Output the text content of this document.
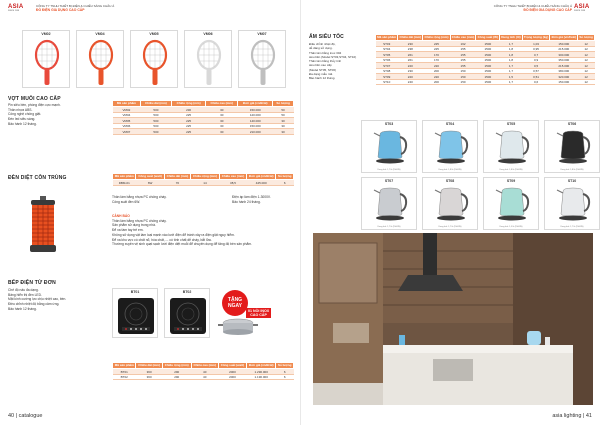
ASIA
SINCE 1998
CÔNG TY TNHH THIẾT BỊ ĐIỆN & CHIẾU SÁNG CHÂU Á
ĐỒ ĐIỆN GIA DỤNG CAO CẤP
VM02	VM04	VM05	VM06	VM07
VỢT MUỖI CAO CẤP
Pin siêu bền, phóng điện cực mạnh.
Thân nhựa ABS.
Công nghệ chống giật.
Đèn led siêu sáng.
Bảo hành 12 tháng.
Mã sản phẩm	Chiều dài (mm)	Chiều rộng (mm)	Chiều cao (mm)	Đơn giá (vnđ/cái)	Số lượng
VM02	500	230	30	150.000	50
VM04	500	225	30	120.000	50
VM05	500	225	30	140.000	30
VM06	500	225	30	150.000	30
VM07	500	225	30	210.000	30
ĐÈN DIỆT CÔN TRÙNG	Mã sản phẩm	Công suất (watt)	Chiều dài (mm)	Chiều rộng (mm)	Chiều cao (mm)	Đơn giá (vnđ/cái)	Số lượng
DBM-01	6W	70	14	38,5	425.000	6
Thân làm bằng nhựa PC chống cháy.
Công suất đèn 6W.
Điện áp làm điện 1-3000V.
Bảo hành 24 tháng.
CẢNH BÁO
Thân làm bằng nhựa PC chống cháy.
Sản phẩm sử dụng trong nhà.
Để xa tầm tay trẻ em.
Không sử dụng vật làm loại mạnh vào lưới điện để tránh xảy ra điện giật nguy hiểm.
Để xa khu vực có chất nổ, hóa chất,.... có tính chất dễ cháy, bắt lửa.
Thường xuyên vệ sinh quạt sạch lưới điện diệt muỗi để chuyên dụng để tăng độ bền sản phẩm.
BẾP ĐIỆN TỪ ĐƠN
Chế độ nấu đa dạng.
Bảng hiển thị đèn LED.
Mặt kính cường lực chịu nhiệt cao, bền.
Điều chỉnh nhiệt độ bằng cảm ứng.
Bảo hành 12 tháng.
BT01	BT02
TẶNG
NGAY
01 NỒI INOX
CAO CẤP
Mã sản phẩm	Chiều dài (mm)	Chiều rộng (mm)	Chiều cao (mm)	Công suất (watt)	Đơn giá (vnđ/cái)	Số lượng
BT01	360	290	40	2000	1.290.000	6
BT02	360	290	40	2000	1.190.000	6
40 | catalogue
CÔNG TY TNHH THIẾT BỊ ĐIỆN & CHIẾU SÁNG CHÂU Á
ĐỒ ĐIỆN GIA DỤNG CAO CẤP ASIA
SINCE 1998
ẤM SIÊU TỐC
Điều chỉnh nhiệt độ,
dễ dàng sử dụng.
Thân làm bằng inox 304
siêu bền (Model ST03,ST04, ST10)
Thân làm bằng thủy tinh
siêu bền cao cấp
(Model ST05, ST06)
Đa dạng mẫu mã.
Bảo hành 12 tháng.
Mã sản phẩm	Chiều dài (mm)	Chiều rộng (mm)	Chiều cao (mm)	Công suất (W)	Dung tích (lít)	Trọng lượng (kg)	Đơn giá (vnđ/cái)	Số lượng
ST03	230	225	162	1500	1,7	1,03	150.000	12
ST04	238	225	155	1500	1,8	0,95	215.000	12
ST05	261	170	155	1500	1,8	0,7	300.000	12
ST06	261	170	155	1500	1,8	0,9	350.000	12
ST07	220	220	155	1500	1,7	0,5	215.000	12
ST08	230	200	150	1500	1,7	0,57	380.000	12
ST09	220	220	150	1500	1,5	0,51	320.000	12
ST10	240	200	150	1500	1,7	0,6	150.000	12
ST03
Dung tích: 1,7 lít (1500W)
ST04
Dung tích: 1,8 lít (1500W)
ST05
Dung tích: 1,8 lít (1500W)
ST06
Dung tích: 1,8 lít (1500W)
ST07
Dung tích: 1,7 lít (1500W)
ST08
Dung tích: 1,7 lít (1500W)
ST09
Dung tích: 1,5 lít (1500W)
ST10
Dung tích: 1,7 lít (1500W)
asia lighting | 41
